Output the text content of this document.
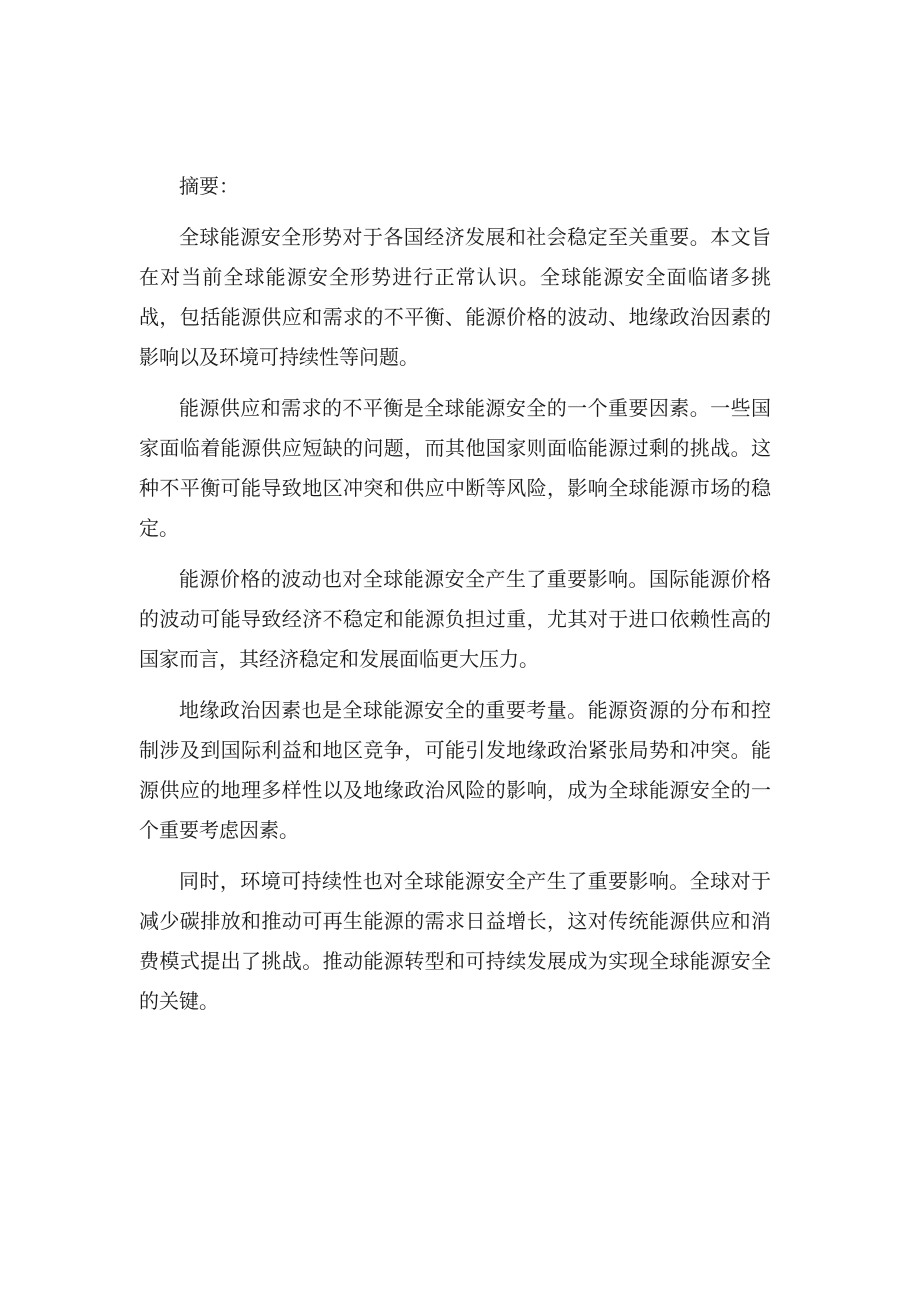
摘要：

全球能源安全形势对于各国经济发展和社会稳定至关重要。本文旨在对当前全球能源安全形势进行正常认识。全球能源安全面临诸多挑战，包括能源供应和需求的不平衡、能源价格的波动、地缘政治因素的影响以及环境可持续性等问题。

能源供应和需求的不平衡是全球能源安全的一个重要因素。一些国家面临着能源供应短缺的问题，而其他国家则面临能源过剩的挑战。这种不平衡可能导致地区冲突和供应中断等风险，影响全球能源市场的稳定。

能源价格的波动也对全球能源安全产生了重要影响。国际能源价格的波动可能导致经济不稳定和能源负担过重，尤其对于进口依赖性高的国家而言，其经济稳定和发展面临更大压力。

地缘政治因素也是全球能源安全的重要考量。能源资源的分布和控制涉及到国际利益和地区竞争，可能引发地缘政治紧张局势和冲突。能源供应的地理多样性以及地缘政治风险的影响，成为全球能源安全的一个重要考虑因素。

同时，环境可持续性也对全球能源安全产生了重要影响。全球对于减少碳排放和推动可再生能源的需求日益增长，这对传统能源供应和消费模式提出了挑战。推动能源转型和可持续发展成为实现全球能源安全的关键。
